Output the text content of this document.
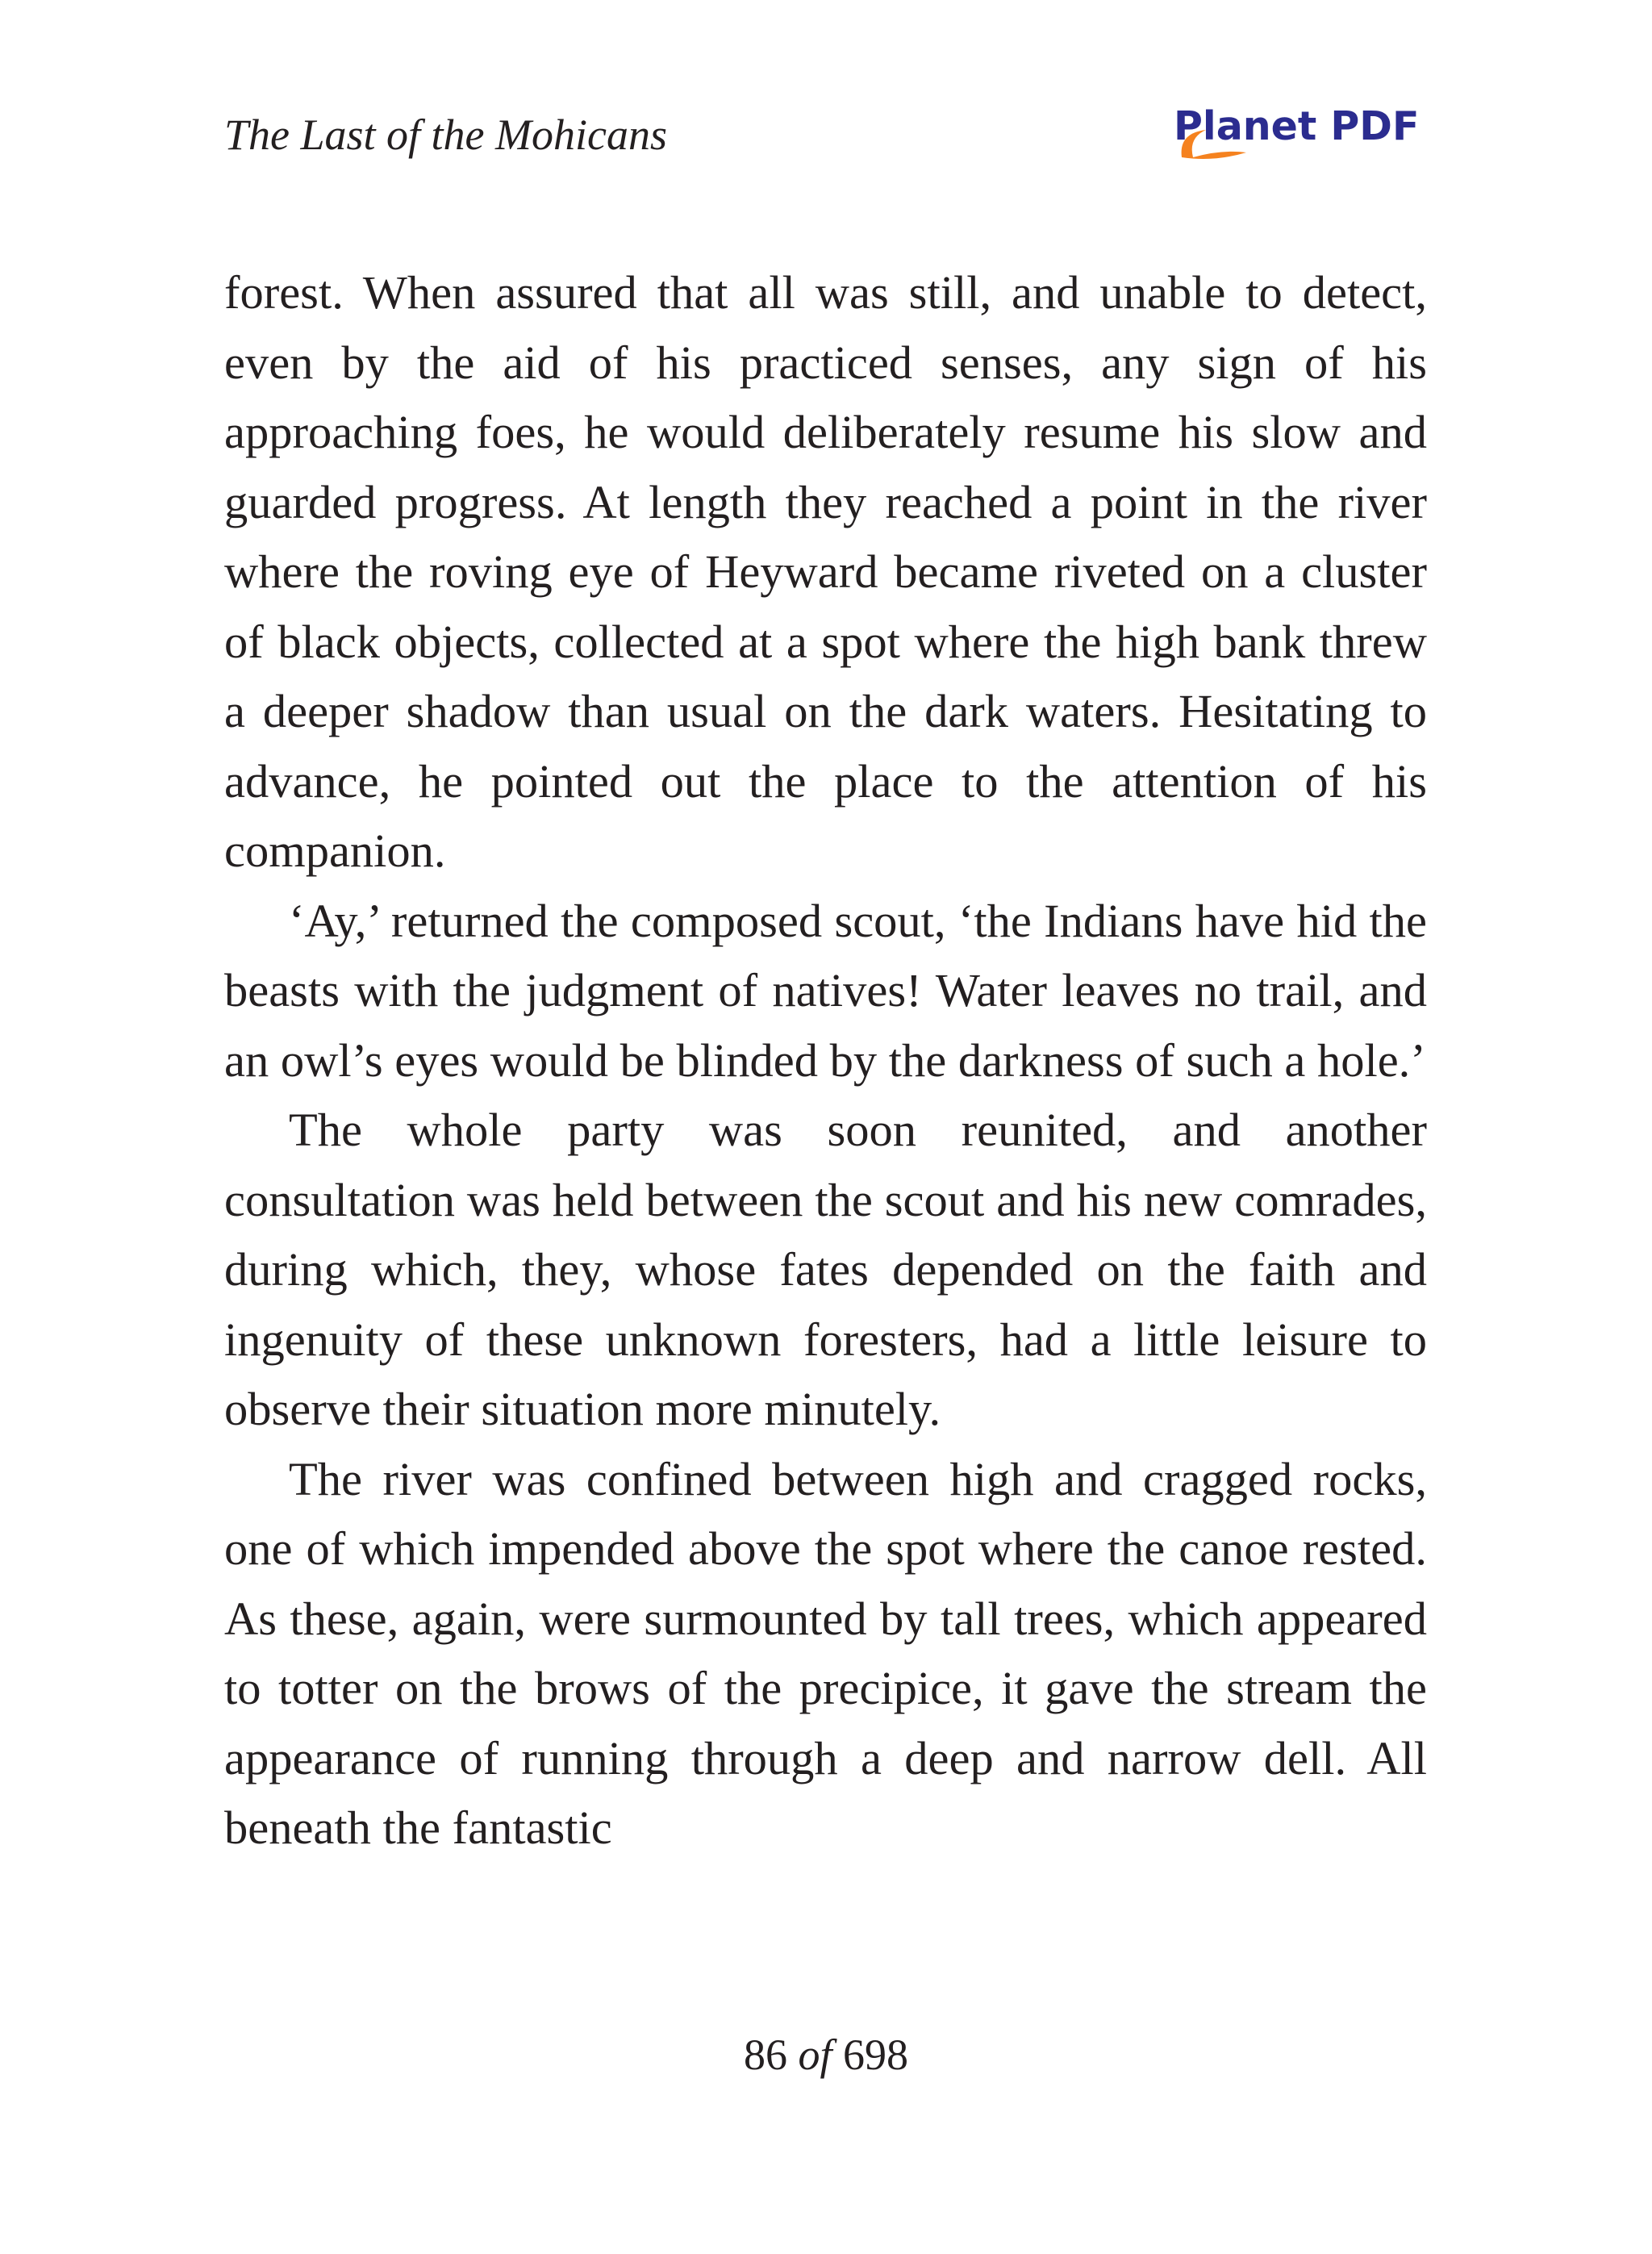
The Last of the Mohicans	Planet PDF

forest. When assured that all was still, and unable to detect, even by the aid of his practiced senses, any sign of his approaching foes, he would deliberately resume his slow and guarded progress. At length they reached a point in the river where the roving eye of Heyward became riveted on a cluster of black objects, collected at a spot where the high bank threw a deeper shadow than usual on the dark waters. Hesitating to advance, he pointed out the place to the attention of his companion.

‘Ay,’ returned the composed scout, ‘the Indians have hid the beasts with the judgment of natives! Water leaves no trail, and an owl’s eyes would be blinded by the darkness of such a hole.’

The whole party was soon reunited, and another consultation was held between the scout and his new comrades, during which, they, whose fates depended on the faith and ingenuity of these unknown foresters, had a little leisure to observe their situation more minutely.

The river was confined between high and cragged rocks, one of which impended above the spot where the canoe rested. As these, again, were surmounted by tall trees, which appeared to totter on the brows of the precipice, it gave the stream the appearance of running through a deep and narrow dell. All beneath the fantastic

86 of 698
